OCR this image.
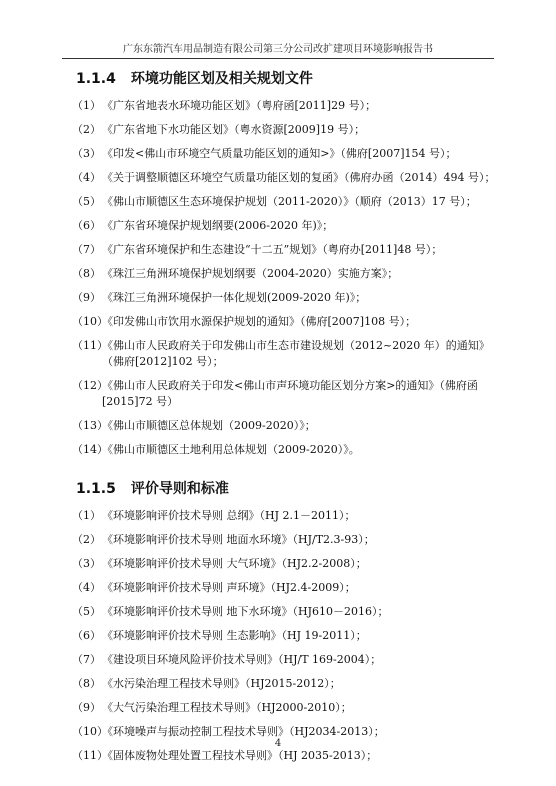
广东东箭汽车用品制造有限公司第三分公司改扩建项目环境影响报告书
1.1.4 环境功能区划及相关规划文件
（1） 《广东省地表水环境功能区划》（粤府函[2011]29 号）；
（2） 《广东省地下水功能区划》（粤水资源[2009]19 号）；
（3） 《印发<佛山市环境空气质量功能区划的通知>》（佛府[2007]154 号）；
（4） 《关于调整顺德区环境空气质量功能区划的复函》（佛府办函（2014）494 号）；
（5） 《佛山市顺德区生态环境保护规划（2011-2020）》（顺府（2013）17 号）；
（6） 《广东省环境保护规划纲要(2006-2020 年)》；
（7） 《广东省环境保护和生态建设“十二五”规划》（粤府办[2011]48 号）；
（8） 《珠江三角洲环境保护规划纲要（2004-2020）实施方案》；
（9） 《珠江三角洲环境保护一体化规划(2009-2020 年)》；
（10）
《印发佛山市饮用水源保护规划的通知》（佛府[2007]108 号）；
（11）
《佛山市人民政府关于印发佛山市生态市建设规划（2012~2020 年）的通知》（佛府[2012]102 号）；
（12）
《佛山市人民政府关于印发<佛山市声环境功能区划分方案>的通知》（佛府函[2015]72 号）
（13）
《佛山市顺德区总体规划（2009-2020）》；
（14）
《佛山市顺德区土地利用总体规划（2009-2020）》。
1.1.5 评价导则和标准
（1） 《环境影响评价技术导则 总纲》（HJ 2.1－2011）；
（2） 《环境影响评价技术导则 地面水环境》（HJ/T2.3-93）；
（3） 《环境影响评价技术导则 大气环境》（HJ2.2-2008）；
（4） 《环境影响评价技术导则 声环境》（HJ2.4-2009）；
（5） 《环境影响评价技术导则 地下水环境》（HJ610－2016）；
（6） 《环境影响评价技术导则 生态影响》（HJ 19-2011）；
（7） 《建设项目环境风险评价技术导则》（HJ/T 169-2004）；
（8） 《水污染治理工程技术导则》（HJ2015-2012）；
（9） 《大气污染治理工程技术导则》（HJ2000-2010）；
（10）
《环境噪声与振动控制工程技术导则》（HJ2034-2013）；
（11）
《固体废物处理处置工程技术导则》（HJ 2035-2013）；
4
